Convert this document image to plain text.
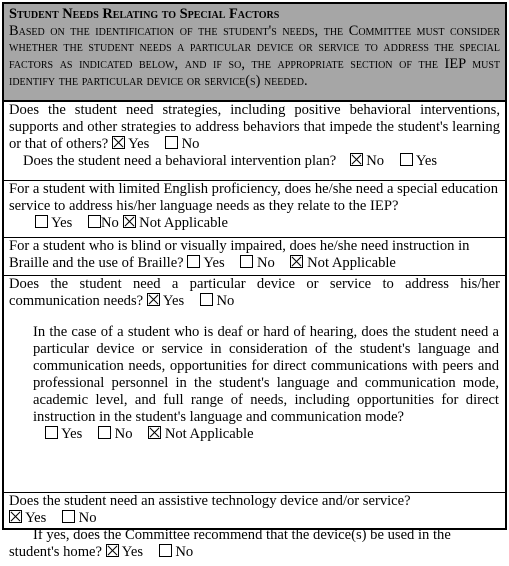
Student Needs Relating to Special Factors
Based on the identification of the student's needs, the Committee must consider whether the student needs a particular device or service to address the special factors as indicated below, and if so, the appropriate section of the IEP must identify the particular device or service(s) needed.
Does the student need strategies, including positive behavioral interventions, supports and other strategies to address behaviors that impede the student's learning or that of others? Yes No
Does the student need a behavioral intervention plan? No Yes
For a student with limited English proficiency, does he/she need a special education service to address his/her language needs as they relate to the IEP?
Yes No Not Applicable
For a student who is blind or visually impaired, does he/she need instruction in Braille and the use of Braille? Yes No Not Applicable
Does the student need a particular device or service to address his/her communication needs? Yes No
In the case of a student who is deaf or hard of hearing, does the student need a particular device or service in consideration of the student's language and communication needs, opportunities for direct communications with peers and professional personnel in the student's language and communication mode, academic level, and full range of needs, including opportunities for direct instruction in the student's language and communication mode?
Yes No Not Applicable
Does the student need an assistive technology device and/or service?
Yes No
If yes, does the Committee recommend that the device(s) be used in the
student's home? Yes No
